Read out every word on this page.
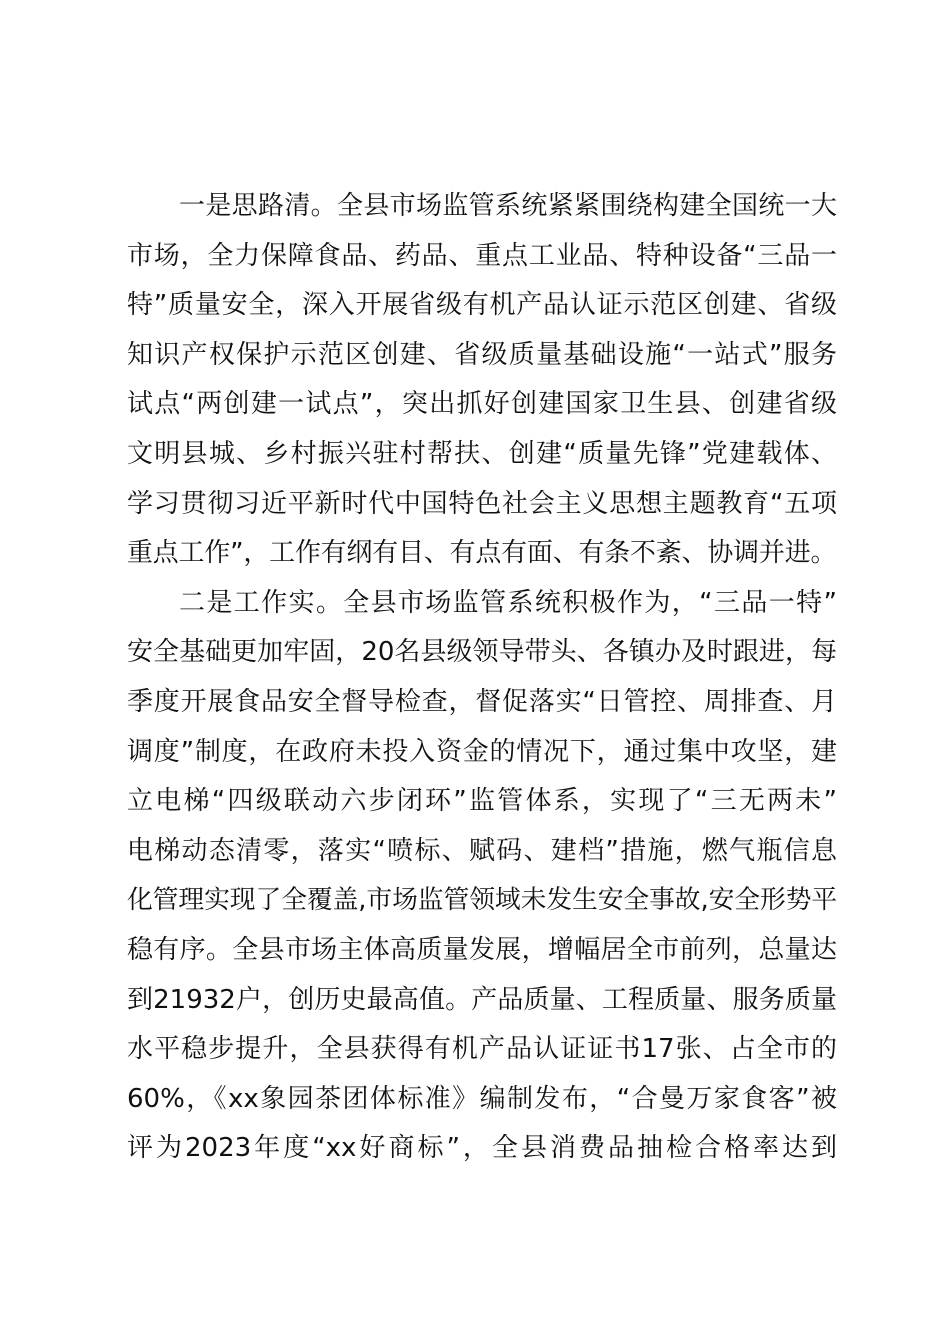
一是思路清。全县市场监管系统紧紧围绕构建全国统一大
市场，全力保障食品、药品、重点工业品、特种设备“三品一
特”质量安全，深入开展省级有机产品认证示范区创建、省级
知识产权保护示范区创建、省级质量基础设施“一站式”服务
试点“两创建一试点”，突出抓好创建国家卫生县、创建省级
文明县城、乡村振兴驻村帮扶、创建“质量先锋”党建载体、
学习贯彻习近平新时代中国特色社会主义思想主题教育“五项
重点工作”，工作有纲有目、有点有面、有条不紊、协调并进。
二是工作实。全县市场监管系统积极作为，“三品一特”
安全基础更加牢固，20名县级领导带头、各镇办及时跟进，每
季度开展食品安全督导检查，督促落实“日管控、周排查、月
调度”制度，在政府未投入资金的情况下，通过集中攻坚，建
立电梯“四级联动六步闭环”监管体系，实现了“三无两未”
电梯动态清零，落实“喷标、赋码、建档”措施，燃气瓶信息
化管理实现了全覆盖,市场监管领域未发生安全事故,安全形势平
稳有序。全县市场主体高质量发展，增幅居全市前列，总量达
到21932户，创历史最高值。产品质量、工程质量、服务质量
水平稳步提升，全县获得有机产品认证证书17张、占全市的
60%，《xx象园茶团体标准》编制发布，“合曼万家食客”被
评为2023年度“xx好商标”，全县消费品抽检合格率达到
